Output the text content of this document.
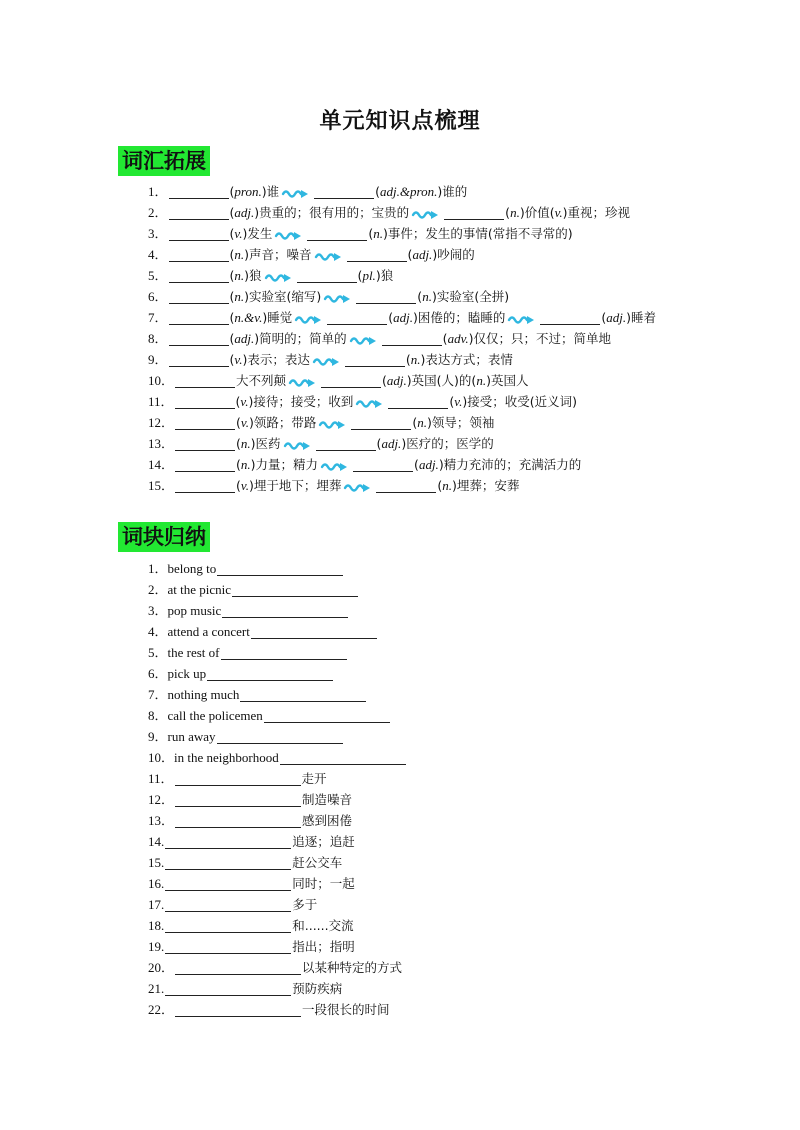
单元知识点梳理
词汇拓展
1．	( pron. )谁	( adj.&pron. )谁的
2．	( adj. )贵重的；很有用的；宝贵的	( n. )价值( v. )重视；珍视
3．	( v. )发生	( n. )事件；发生的事情(常指不寻常的)
4．	( n. )声音；噪音	( adj. )吵闹的
5．	( n. )狼	( pl. )狼
6．	( n. )实验室(缩写)	( n. )实验室(全拼)
7．	( n.&v. )睡觉	( adj. )困倦的；瞌睡的	( adj. )睡着
8．	( adj. )简明的；简单的	( adv. )仅仅；只；不过；简单地
9．	( v. )表示；表达	( n. )表达方式；表情
10．	大不列颠	( adj. )英国(人)的( n. )英国人
11．	( v. )接待；接受；收到	( v. )接受；收受(近义词)
12．	( v. )领路；带路	( n. )领导；领袖
13．	( n. )医药	( adj. )医疗的；医学的
14．	( n. )力量；精力	( adj. )精力充沛的；充满活力的
15．	( v. )埋于地下；埋葬	( n. )埋葬；安葬
词块归纳
1． belong to
2． at the picnic
3． pop music
4． attend a concert
5． the rest of
6． pick up
7． nothing much
8． call the policemen
9． run away
10． in the neighborhood
11．	走开
12．	制造噪音
13．	感到困倦
14.	追逐；追赶
15.	赶公交车
16.	同时；一起
17.	多于
18.	和......交流
19.	指出；指明
20．	以某种特定的方式
21.	预防疾病
22．	一段很长的时间
